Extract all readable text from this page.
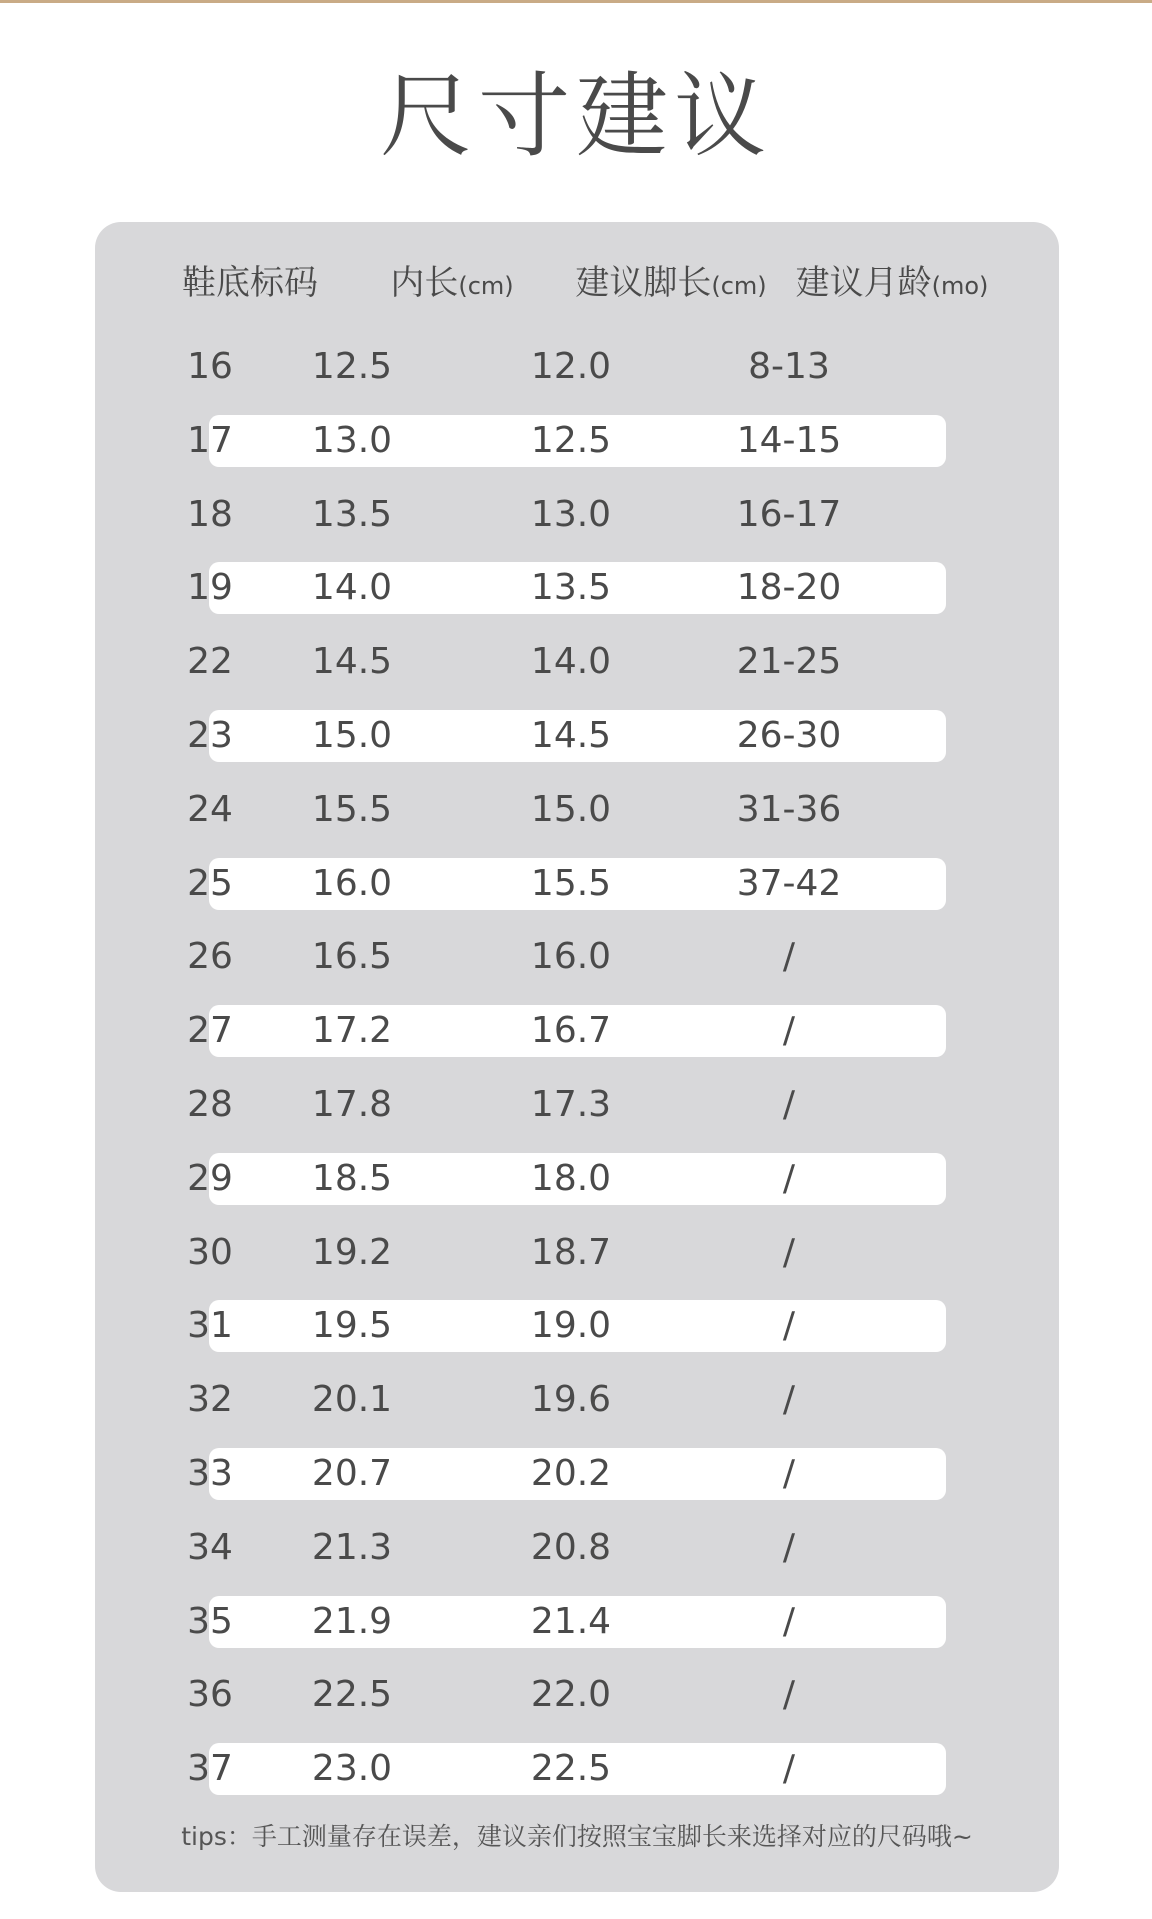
尺寸建议
鞋底标码	内长(cm)	建议脚长(cm) 建议月龄(mo)
16	12.5	12.0	8-13
17	13.0	12.5	14-15
18	13.5	13.0	16-17
19	14.0	13.5	18-20
22	14.5	14.0	21-25
23	15.0	14.5	26-30
24	15.5	15.0	31-36
25	16.0	15.5	37-42
26	16.5	16.0	/
27	17.2	16.7	/
28	17.8	17.3	/
29	18.5	18.0	/
30	19.2	18.7	/
31	19.5	19.0	/
32	20.1	19.6	/
33	20.7	20.2	/
34	21.3	20.8	/
35	21.9	21.4	/
36	22.5	22.0	/
37	23.0	22.5	/
tips：手工测量存在误差，建议亲们按照宝宝脚长来选择对应的尺码哦~
